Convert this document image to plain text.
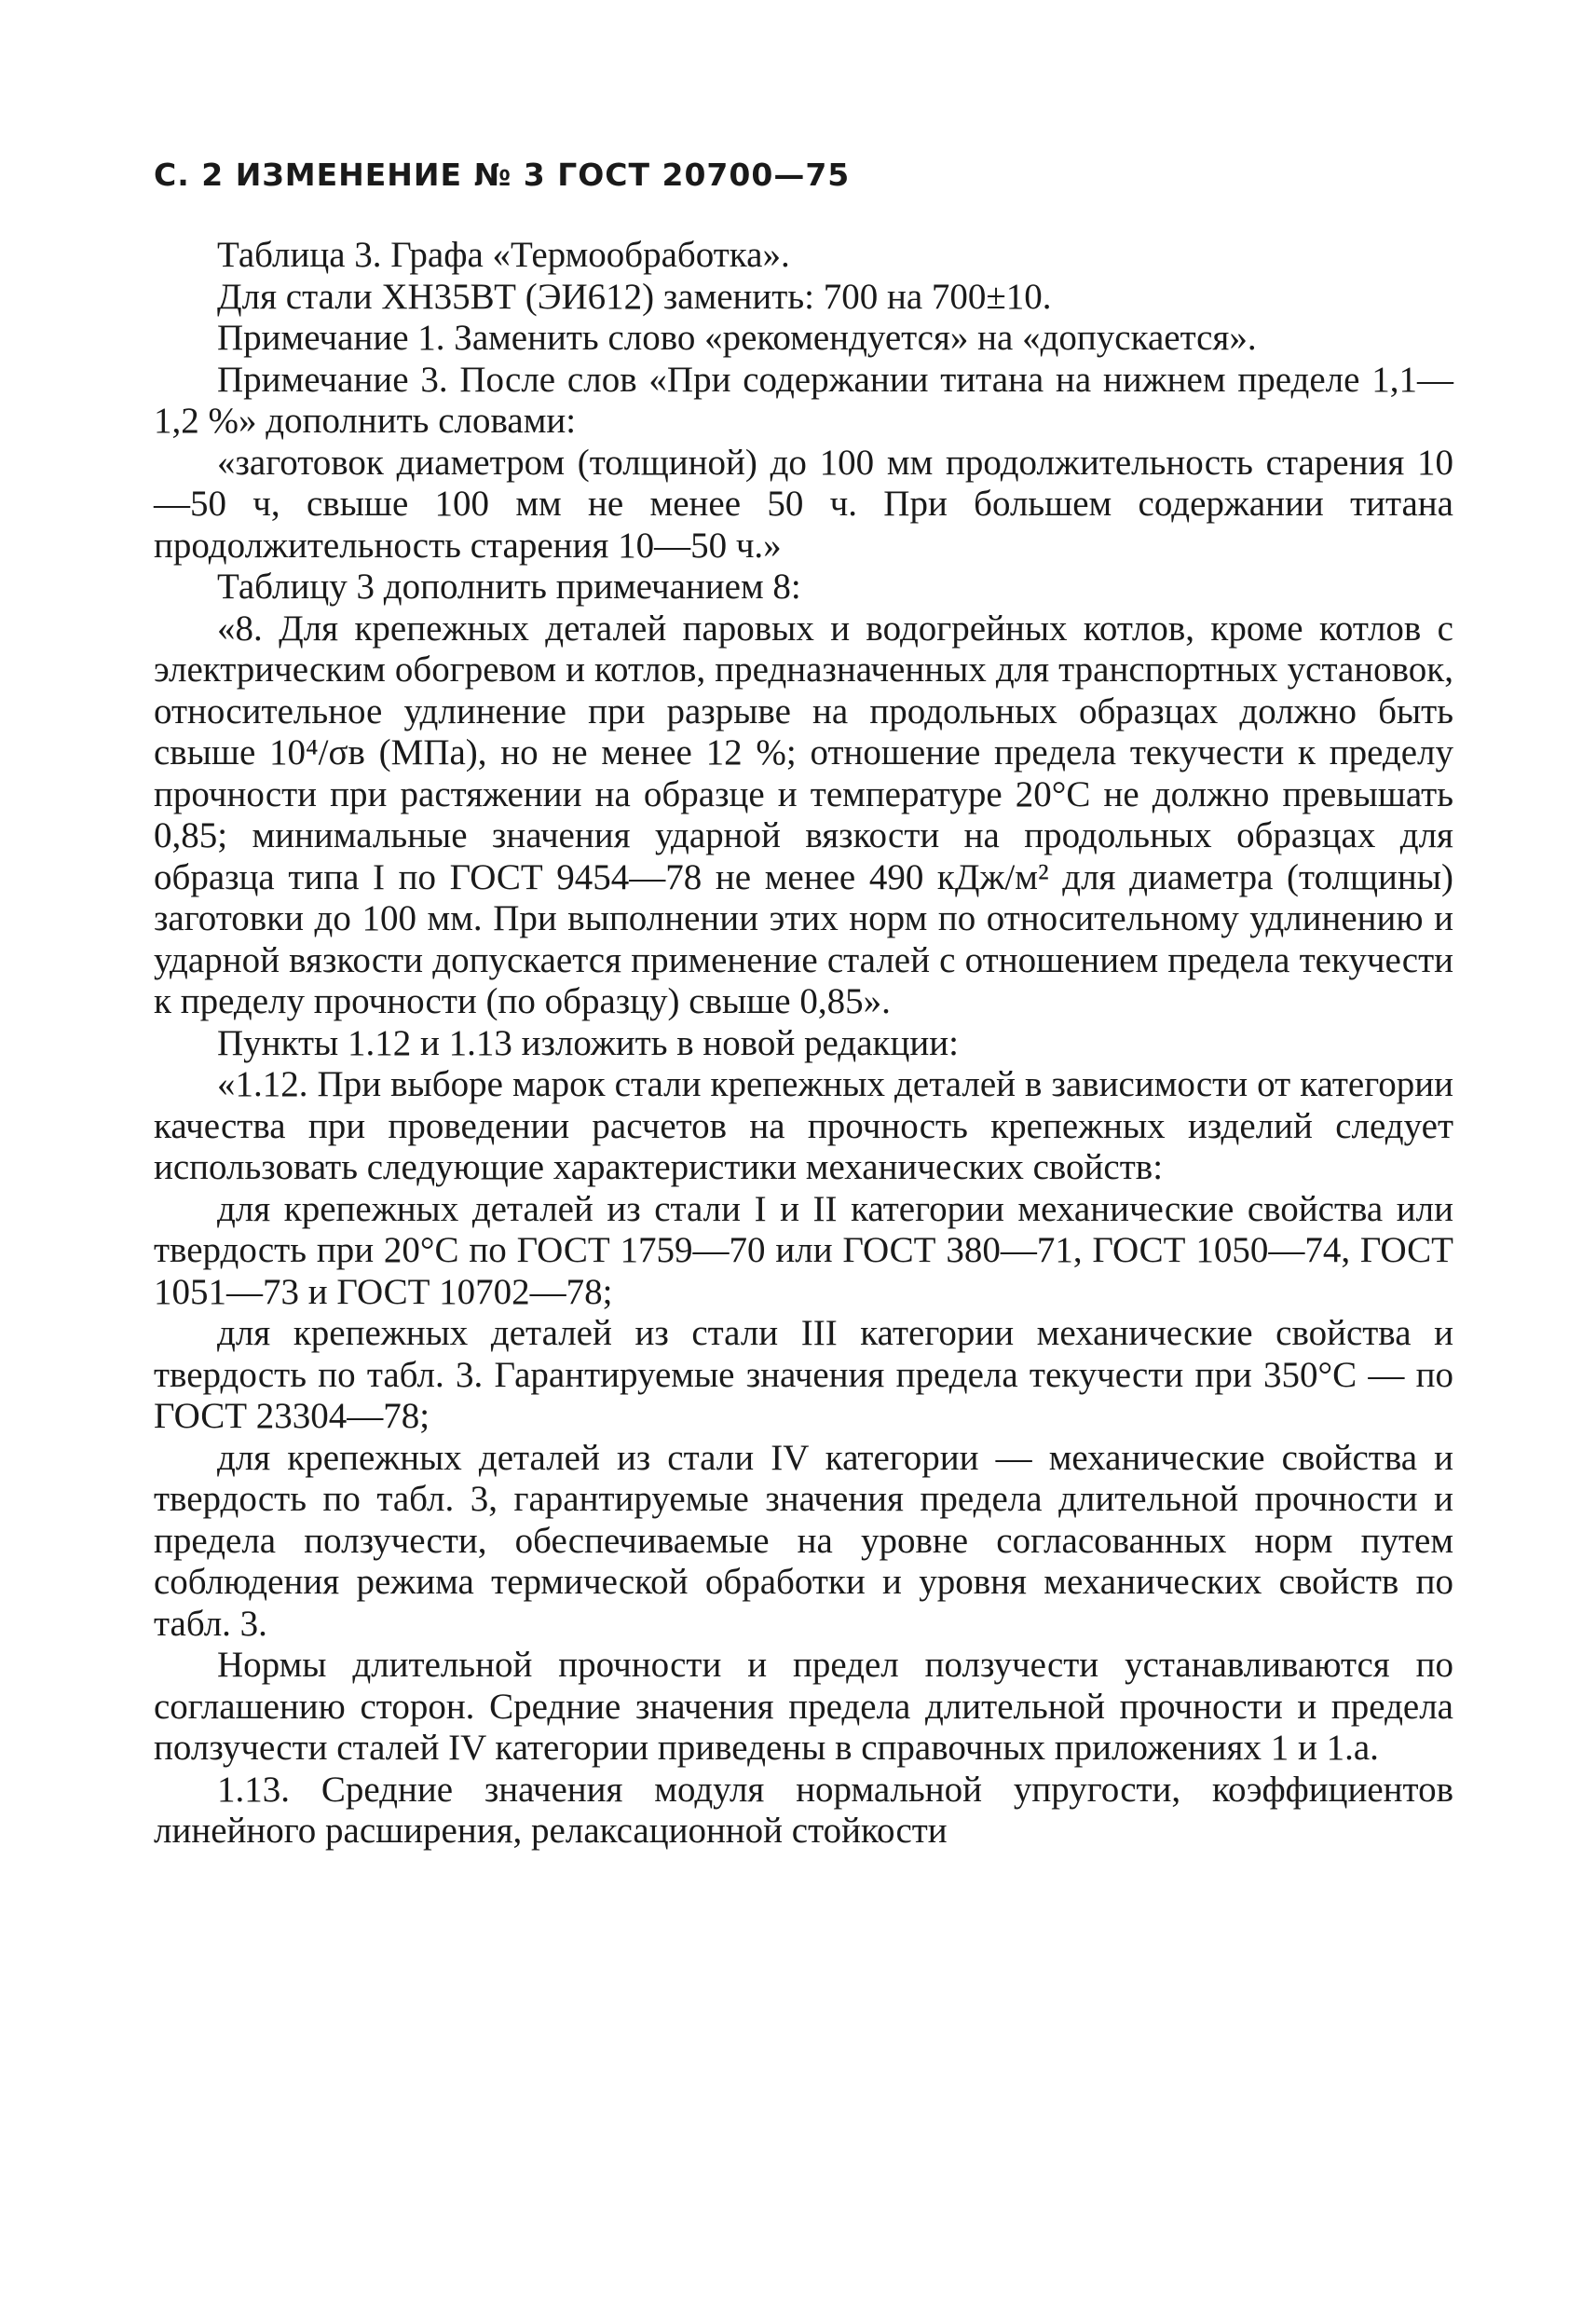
С. 2 ИЗМЕНЕНИЕ № 3 ГОСТ 20700—75

Таблица 3. Графа «Термообработка».

Для стали ХН35ВТ (ЭИ612) заменить: 700 на 700±10.

Примечание 1. Заменить слово «рекомендуется» на «допускается».

Примечание 3. После слов «При содержании титана на нижнем пределе 1,1—1,2 %» дополнить словами:

«заготовок диаметром (толщиной) до 100 мм продолжительность старения 10—50 ч, свыше 100 мм не менее 50 ч. При большем содержании титана продолжительность старения 10—50 ч.»

Таблицу 3 дополнить примечанием 8:

«8. Для крепежных деталей паровых и водогрейных котлов, кроме котлов с электрическим обогревом и котлов, предназначенных для транспортных установок, относительное удлинение при разрыве на продольных образцах должно быть свыше 10⁴/σв (МПа), но не менее 12 %; отношение предела текучести к пределу прочности при растяжении на образце и температуре 20°С не должно превышать 0,85; минимальные значения ударной вязкости на продольных образцах для образца типа I по ГОСТ 9454—78 не менее 490 кДж/м² для диаметра (толщины) заготовки до 100 мм. При выполнении этих норм по относительному удлинению и ударной вязкости допускается применение сталей с отношением предела текучести к пределу прочности (по образцу) свыше 0,85».

Пункты 1.12 и 1.13 изложить в новой редакции:

«1.12. При выборе марок стали крепежных деталей в зависимости от категории качества при проведении расчетов на прочность крепежных изделий следует использовать следующие характеристики механических свойств:

для крепежных деталей из стали I и II категории механические свойства или твердость при 20°С по ГОСТ 1759—70 или ГОСТ 380—71, ГОСТ 1050—74, ГОСТ 1051—73 и ГОСТ 10702—78;

для крепежных деталей из стали III категории механические свойства и твердость по табл. 3. Гарантируемые значения предела текучести при 350°С — по ГОСТ 23304—78;

для крепежных деталей из стали IV категории — механические свойства и твердость по табл. 3, гарантируемые значения предела длительной прочности и предела ползучести, обеспечиваемые на уровне согласованных норм путем соблюдения режима термической обработки и уровня механических свойств по табл. 3.

Нормы длительной прочности и предел ползучести устанавливаются по соглашению сторон. Средние значения предела длительной прочности и предела ползучести сталей IV категории приведены в справочных приложениях 1 и 1.а.

1.13. Средние значения модуля нормальной упругости, коэффициентов линейного расширения, релаксационной стойкости
